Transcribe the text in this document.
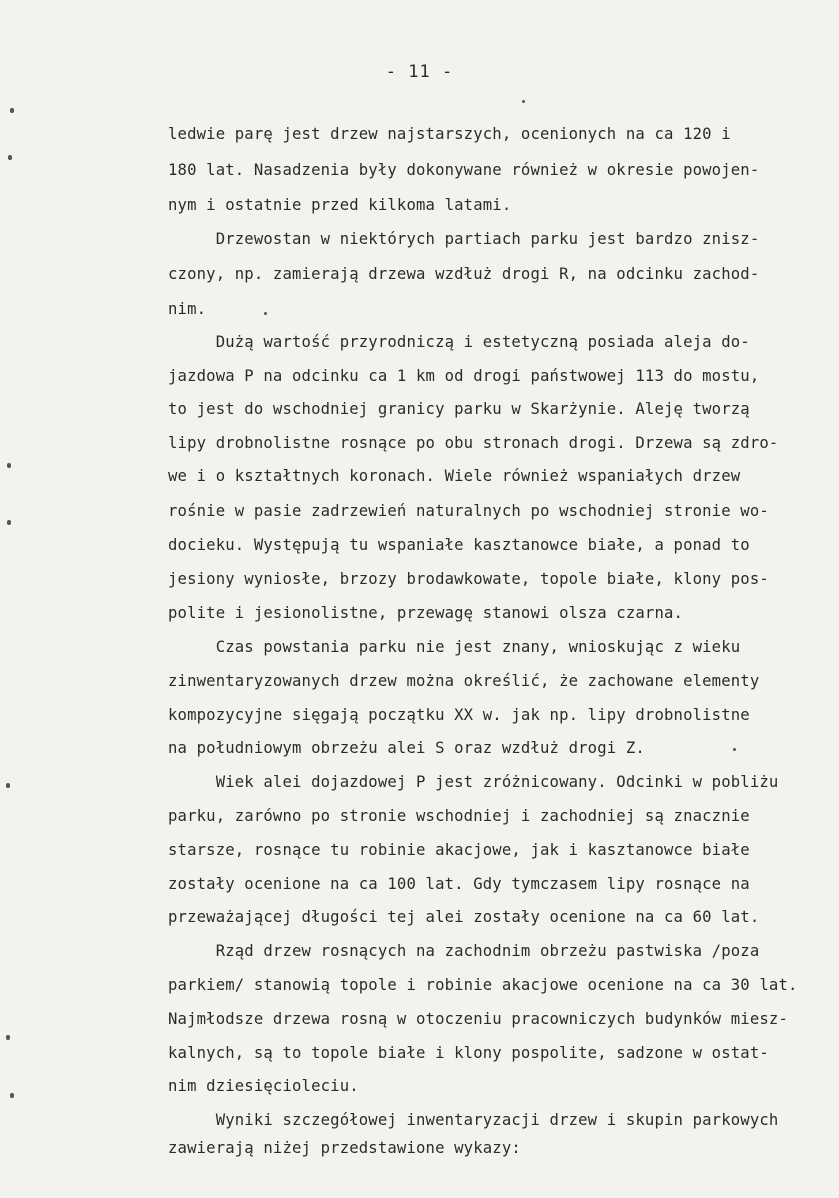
- 11 -
ledwie parę jest drzew najstarszych, ocenionych na ca 120 i
180 lat. Nasadzenia były dokonywane również w okresie powojen-
nym i ostatnie przed kilkoma latami.
Drzewostan w niektórych partiach parku jest bardzo znisz-
czony, np. zamierają drzewa wzdłuż drogi R, na odcinku zachod-
nim.
Dużą wartość przyrodniczą i estetyczną posiada aleja do-
jazdowa P na odcinku ca 1 km od drogi państwowej 113 do mostu,
to jest do wschodniej granicy parku w Skarżynie. Aleję tworzą
lipy drobnolistne rosnące po obu stronach drogi. Drzewa są zdro-
we i o kształtnych koronach. Wiele również wspaniałych drzew
rośnie w pasie zadrzewień naturalnych po wschodniej stronie wo-
docieku. Występują tu wspaniałe kasztanowce białe, a ponad to
jesiony wyniosłe, brzozy brodawkowate, topole białe, klony pos-
polite i jesionolistne, przewagę stanowi olsza czarna.
Czas powstania parku nie jest znany, wnioskując z wieku
zinwentaryzowanych drzew można określić, że zachowane elementy
kompozycyjne sięgają początku XX w. jak np. lipy drobnolistne
na południowym obrzeżu alei S oraz wzdłuż drogi Z.
Wiek alei dojazdowej P jest zróżnicowany. Odcinki w pobliżu
parku, zarówno po stronie wschodniej i zachodniej są znacznie
starsze, rosnące tu robinie akacjowe, jak i kasztanowce białe
zostały ocenione na ca 100 lat. Gdy tymczasem lipy rosnące na
przeważającej długości tej alei zostały ocenione na ca 60 lat.
Rząd drzew rosnących na zachodnim obrzeżu pastwiska /poza
parkiem/ stanowią topole i robinie akacjowe ocenione na ca 30 lat.
Najmłodsze drzewa rosną w otoczeniu pracowniczych budynków miesz-
kalnych, są to topole białe i klony pospolite, sadzone w ostat-
nim dziesięcioleciu.
Wyniki szczegółowej inwentaryzacji drzew i skupin parkowych
zawierają niżej przedstawione wykazy:
